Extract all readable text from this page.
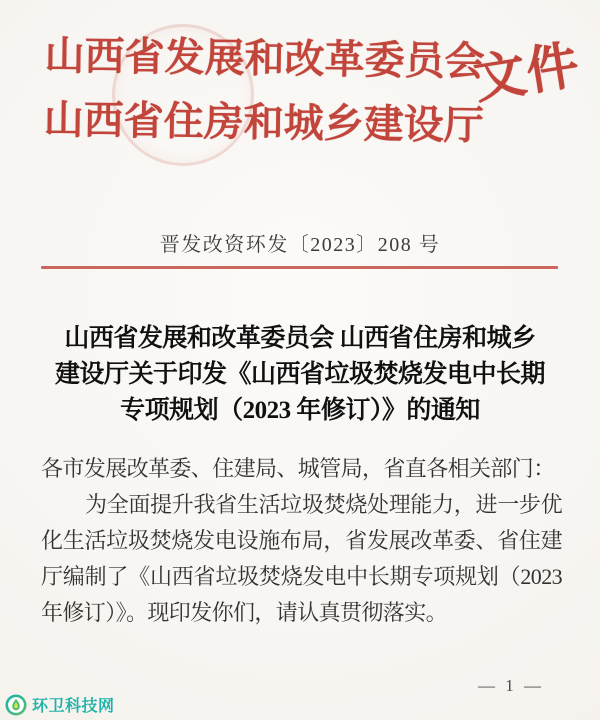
山西省发展和改革委员会
山西省住房和城乡建设厅
文件
晋发改资环发〔2023〕208 号
山西省发展和改革委员会 山西省住房和城乡
建设厅关于印发《山西省垃圾焚烧发电中长期
专项规划（2023 年修订）》的通知
各市发展改革委、住建局、城管局，省直各相关部门：

为全面提升我省生活垃圾焚烧处理能力，进一步优化生活垃圾焚烧发电设施布局，省发展改革委、省住建厅编制了《山西省垃圾焚烧发电中长期专项规划（2023 年修订）》。现印发你们，请认真贯彻落实。

— 1 —
环卫科技网
